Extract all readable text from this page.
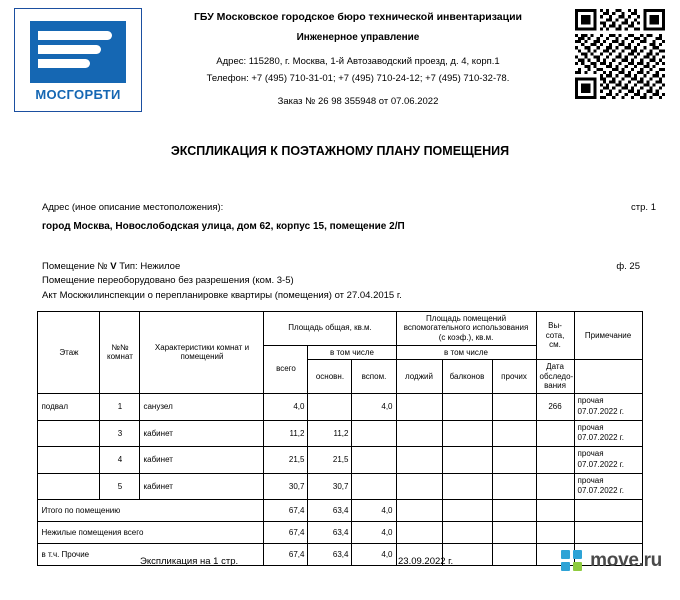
МОСГОРБТИ
ГБУ Московское городское бюро технической инвентаризации
Инженерное управление
Адрес: 115280, г. Москва, 1-й Автозаводский проезд, д. 4, корп.1
Телефон: +7 (495) 710-31-01; +7 (495) 710-24-12; +7 (495) 710-32-78.
Заказ № 26 98 355948 от 07.06.2022
ЭКСПЛИКАЦИЯ К ПОЭТАЖНОМУ ПЛАНУ ПОМЕЩЕНИЯ
Адрес (иное описание местоположения):	стр. 1
город Москва, Новослободская улица, дом 62, корпус 15, помещение 2/П
Помещение № V Тип: Нежилое	ф. 25
Помещение переоборудовано без разрешения (ком. 3-5)
Акт Москжилинспекции о перепланировке квартиры (помещения) от 27.04.2015 г.
Этаж	№№ комнат	Характеристики комнат и помещений	Площадь общая, кв.м.			Площадь помещений вспомогательного использования (с коэф.), кв.м.			Вы- сота, см.	Примечание
			всего	в том числе		в том числе				
				основн.	вспом.	лоджий	балконов	прочих		
									Дата обследо- вания	
подвал	1	санузел	4,0		4,0				266	прочая
07.07.2022 г.

	3	кабинет	11,2	11,2						прочая
07.07.2022 г.

	4	кабинет	21,5	21,5						прочая
07.07.2022 г.

	5	кабинет	30,7	30,7						прочая
07.07.2022 г.

Итого по помещению			67,4	63,4	4,0					
Нежилые помещения всего			67,4	63,4	4,0					
в т.ч. Прочие			67,4	63,4	4,0					
Экспликация на 1 стр.	23.09.2022 г.	move.ru
